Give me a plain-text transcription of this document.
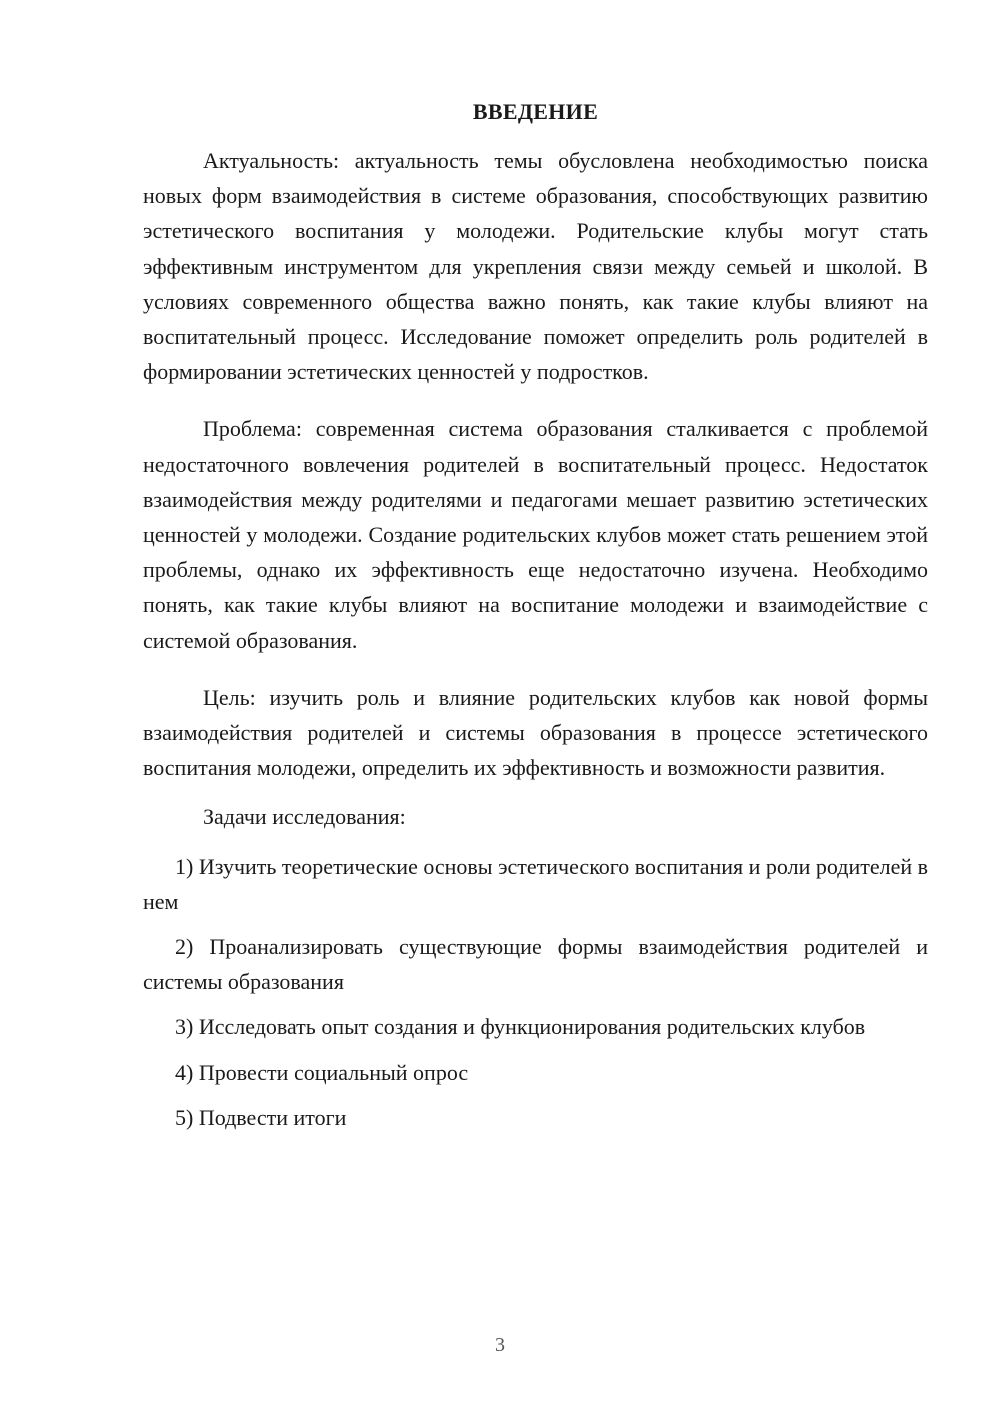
ВВЕДЕНИЕ

Актуальность: актуальность темы обусловлена необходимостью поиска новых форм взаимодействия в системе образования, способствующих развитию эстетического воспитания у молодежи. Родительские клубы могут стать эффективным инструментом для укрепления связи между семьей и школой. В условиях современного общества важно понять, как такие клубы влияют на воспитательный процесс. Исследование поможет определить роль родителей в формировании эстетических ценностей у подростков.

Проблема: современная система образования сталкивается с проблемой недостаточного вовлечения родителей в воспитательный процесс. Недостаток взаимодействия между родителями и педагогами мешает развитию эстетических ценностей у молодежи. Создание родительских клубов может стать решением этой проблемы, однако их эффективность еще недостаточно изучена. Необходимо понять, как такие клубы влияют на воспитание молодежи и взаимодействие с системой образования.

Цель: изучить роль и влияние родительских клубов как новой формы взаимодействия родителей и системы образования в процессе эстетического воспитания молодежи, определить их эффективность и возможности развития.

Задачи исследования:

1) Изучить теоретические основы эстетического воспитания и роли родителей в нем

2) Проанализировать существующие формы взаимодействия родителей и системы образования

3) Исследовать опыт создания и функционирования родительских клубов

4) Провести социальный опрос

5) Подвести итоги

3
